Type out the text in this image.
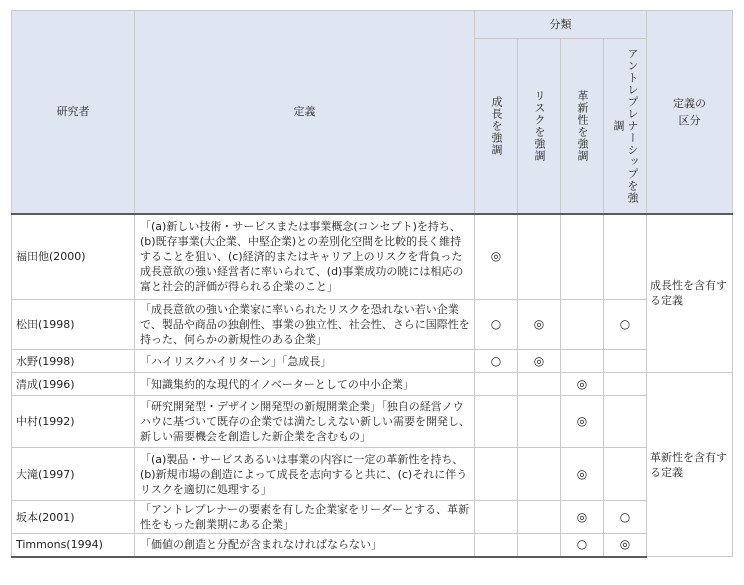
研究者	定義	分類				定義の区分

		成長を強調	リスクを強調	革新性を強調	アントレプレナーシップを強調	

福田他(2000)	「(a)新しい技術・サービスまたは事業概念(コンセプト)を持ち、(b)既存事業(大企業、中堅企業)との差別化空間を比較的長く維持することを狙い、(c)経済的またはキャリア上のリスクを背負った成長意欲の強い経営者に率いられて、(d)事業成功の暁には相応の富と社会的評価が得られる企業のこと」	◎				成長性を含有する定義
松田(1998)	「成長意欲の強い企業家に率いられたリスクを恐れない若い企業で、製品や商品の独創性、事業の独立性、社会性、さらに国際性を持った、何らかの新規性のある企業」	○	◎		○	
水野(1998)	「ハイリスクハイリターン」「急成長」	○	◎			
清成(1996)	「知識集約的な現代的イノベーターとしての中小企業」			◎		革新性を含有する定義
中村(1992)	「研究開発型・デザイン開発型の新規開業企業」「独自の経営ノウハウに基づいて既存の企業では満たしえない新しい需要を開発し、新しい需要機会を創造した新企業を含むもの」			◎		
大滝(1997)	「(a)製品・サービスあるいは事業の内容に一定の革新性を持ち、(b)新規市場の創造によって成長を志向すると共に、(c)それに伴うリスクを適切に処理する」			◎		
坂本(2001)	「アントレプレナーの要素を有した企業家をリーダーとする、革新性をもった創業期にある企業」			◎	○	
Timmons(1994)	「価値の創造と分配が含まれなければならない」			○	◎	
